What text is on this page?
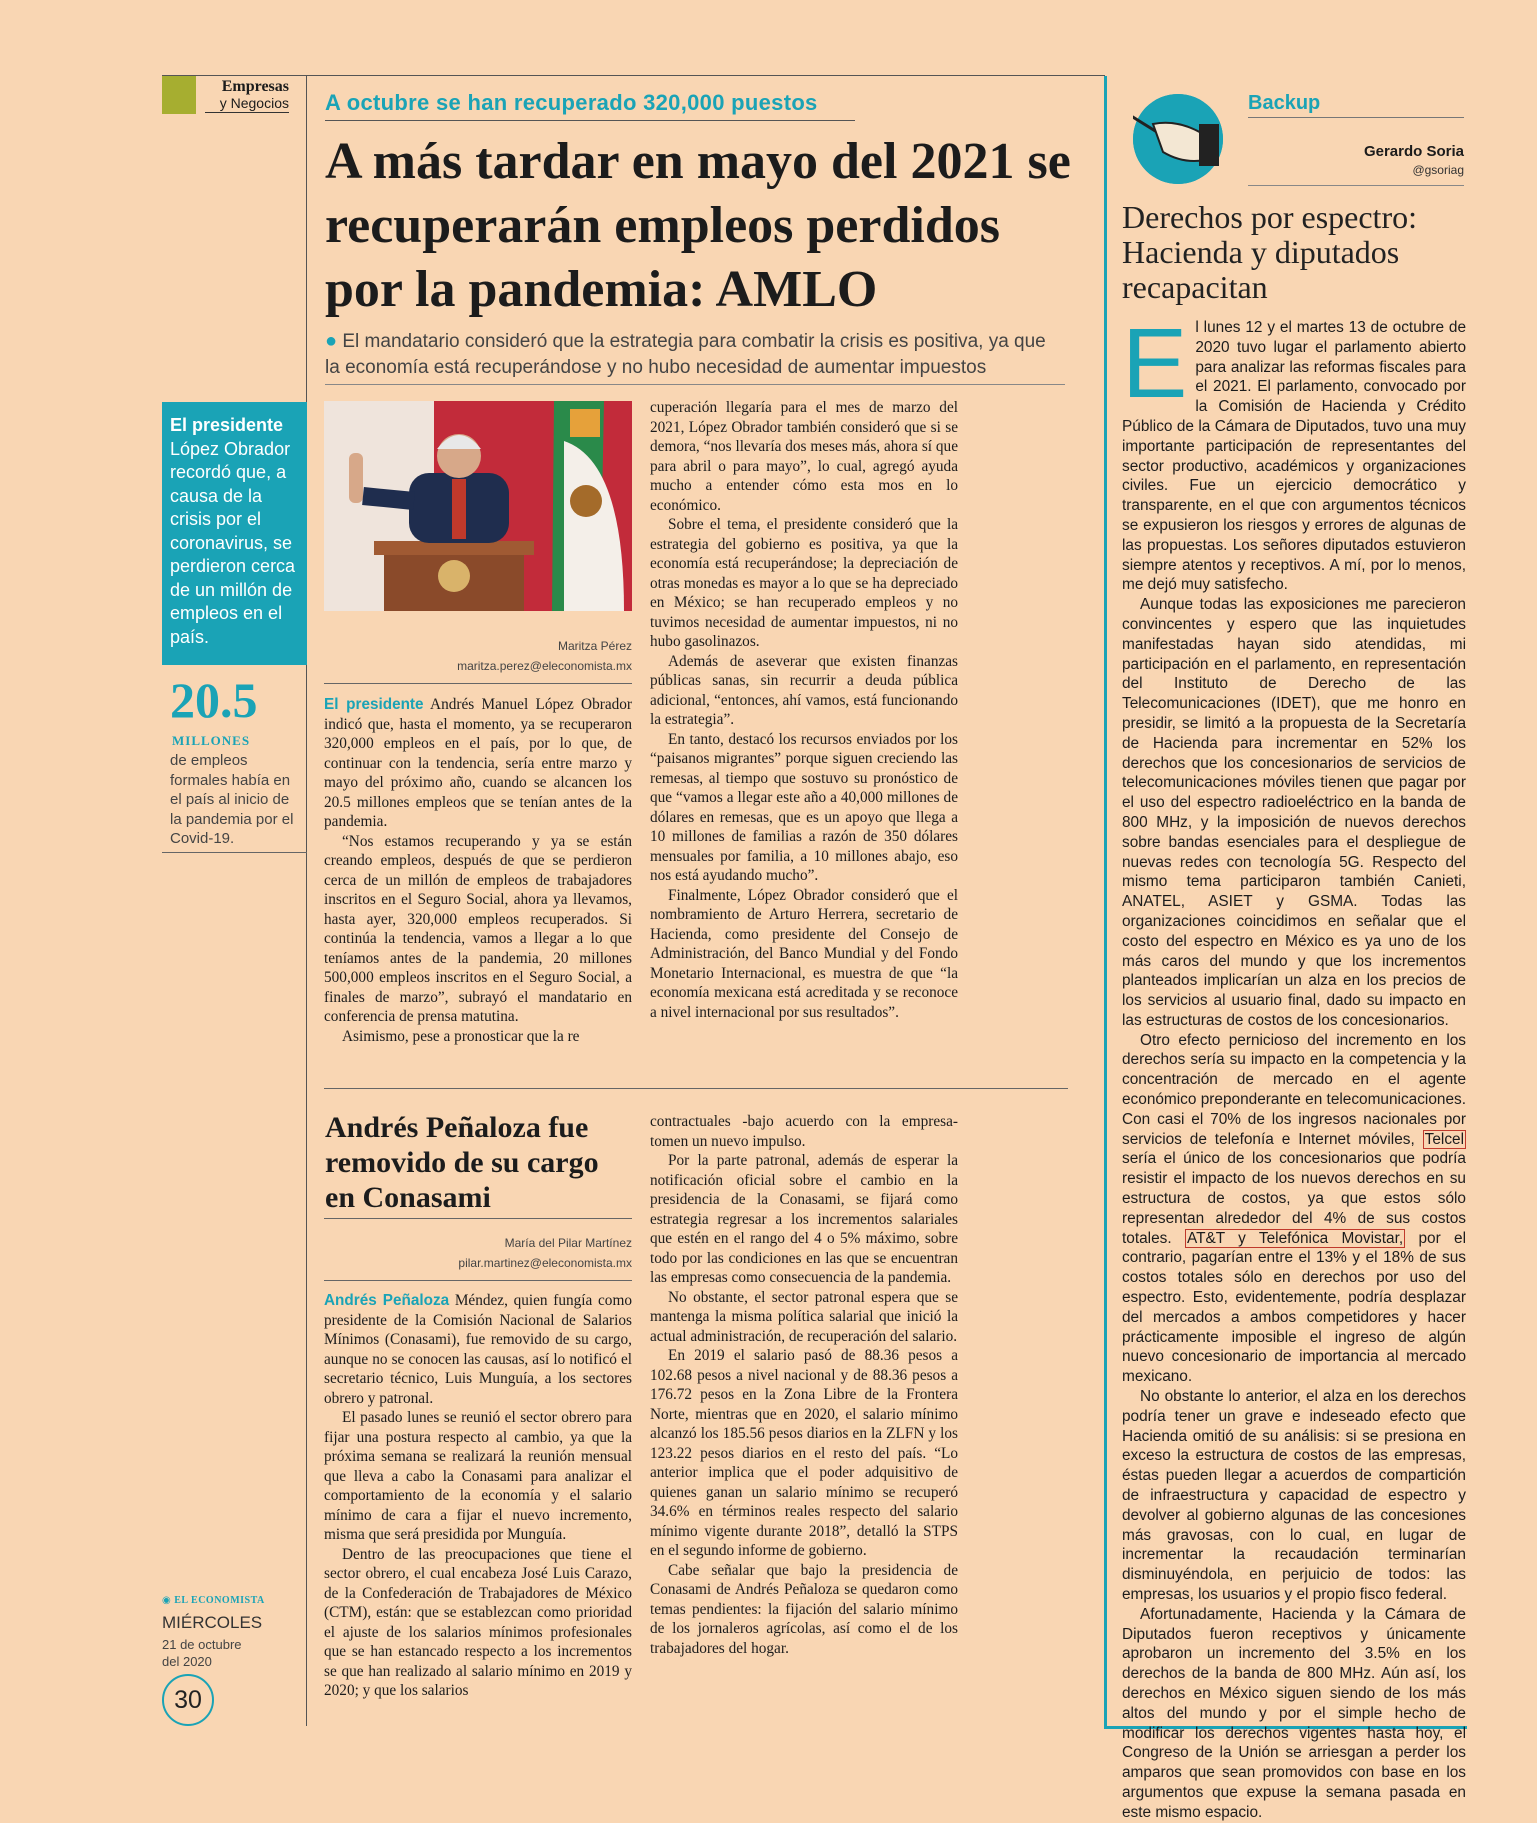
Empresas
y Negocios A octubre se han recuperado 320,000 puestos
A más tardar en mayo del 2021 se recuperarán empleos perdidos por la pandemia: AMLO
● El mandatario consideró que la estrategia para combatir la crisis es positiva, ya que la economía está recuperándose y no hubo necesidad de aumentar impuestos
Maritza Pérez
maritza.perez@eleconomista.mx

El presidente Andrés Manuel López Obrador indicó que, hasta el momento, ya se recuperaron 320,000 empleos en el país, por lo que, de continuar con la tendencia, sería entre marzo y mayo del próximo año, cuando se alcancen los 20.5 millones empleos que se tenían antes de la pandemia.

“Nos estamos recuperando y ya se están creando empleos, después de que se perdieron cerca de un millón de empleos de trabajadores inscritos en el Seguro Social, ahora ya llevamos, hasta ayer, 320,000 empleos recuperados. Si continúa la tendencia, vamos a llegar a lo que teníamos antes de la pandemia, 20 millones 500,000 empleos inscritos en el Seguro Social, a finales de marzo”, subrayó el mandatario en conferencia de prensa matutina.

Asimismo, pese a pronosticar que la re

cuperación llegaría para el mes de marzo del 2021, López Obrador también consideró que si se demora, “nos llevaría dos meses más, ahora sí que para abril o para mayo”, lo cual, agregó ayuda mucho a entender cómo esta mos en lo económico.

Sobre el tema, el presidente consideró que la estrategia del gobierno es positiva, ya que la economía está recuperándose; la depreciación de otras monedas es mayor a lo que se ha depreciado en México; se han recuperado empleos y no tuvimos necesidad de aumentar impuestos, ni no hubo gasolinazos.

Además de aseverar que existen finanzas públicas sanas, sin recurrir a deuda pública adicional, “entonces, ahí vamos, está funcionando la estrategia”.

En tanto, destacó los recursos enviados por los “paisanos migrantes” porque siguen creciendo las remesas, al tiempo que sostuvo su pronóstico de que “vamos a llegar este año a 40,000 millones de dólares en remesas, que es un apoyo que llega a 10 millones de familias a razón de 350 dólares mensuales por familia, a 10 millones abajo, eso nos está ayudando mucho”.

Finalmente, López Obrador consideró que el nombramiento de Arturo Herrera, secretario de Hacienda, como presidente del Consejo de Administración, del Banco Mundial y del Fondo Monetario Internacional, es muestra de que “la economía mexicana está acreditada y se reconoce a nivel internacional por sus resultados”.

El presidente
López Obrador recordó que, a causa de la crisis por el coronavirus, se perdieron cerca de un millón de empleos en el país.
20.5
MILLONES
de empleos formales había en el país al inicio de la pandemia por el Covid-19.
Andrés Peñaloza fue removido de su cargo en Conasami
María del Pilar Martínez
pilar.martinez@eleconomista.mx

Andrés Peñaloza Méndez, quien fungía como presidente de la Comisión Nacional de Salarios Mínimos (Conasami), fue removido de su cargo, aunque no se conocen las causas, así lo notificó el secretario técnico, Luis Munguía, a los sectores obrero y patronal.

El pasado lunes se reunió el sector obrero para fijar una postura respecto al cambio, ya que la próxima semana se realizará la reunión mensual que lleva a cabo la Conasami para analizar el comportamiento de la economía y el salario mínimo de cara a fijar el nuevo incremento, misma que será presidida por Munguía.

Dentro de las preocupaciones que tiene el sector obrero, el cual encabeza José Luis Carazo, de la Confederación de Trabajadores de México (CTM), están: que se establezcan como prioridad el ajuste de los salarios mínimos profesionales que se han estancado respecto a los incrementos se que han realizado al salario mínimo en 2019 y 2020; y que los salarios

contractuales -bajo acuerdo con la empresa- tomen un nuevo impulso.

Por la parte patronal, además de esperar la notificación oficial sobre el cambio en la presidencia de la Conasami, se fijará como estrategia regresar a los incrementos salariales que estén en el rango del 4 o 5% máximo, sobre todo por las condiciones en las que se encuentran las empresas como consecuencia de la pandemia.

No obstante, el sector patronal espera que se mantenga la misma política salarial que inició la actual administración, de recuperación del salario.

En 2019 el salario pasó de 88.36 pesos a 102.68 pesos a nivel nacional y de 88.36 pesos a 176.72 pesos en la Zona Libre de la Frontera Norte, mientras que en 2020, el salario mínimo alcanzó los 185.56 pesos diarios en la ZLFN y los 123.22 pesos diarios en el resto del país. “Lo anterior implica que el poder adquisitivo de quienes ganan un salario mínimo se recuperó 34.6% en términos reales respecto del salario mínimo vigente durante 2018”, detalló la STPS en el segundo informe de gobierno.

Cabe señalar que bajo la presidencia de Conasami de Andrés Peñaloza se quedaron como temas pendientes: la fijación del salario mínimo de los jornaleros agrícolas, así como el de los trabajadores del hogar.

◉ EL ECONOMISTA
MIÉRCOLES
21 de octubre
del 2020
30
Backup
Gerardo Soria
@gsoriag
Derechos por espectro: Hacienda y diputados recapacitan

El lunes 12 y el martes 13 de octubre de 2020 tuvo lugar el parlamento abierto para analizar las reformas fiscales para el 2021. El parlamento, convocado por la Comisión de Hacienda y Crédito Público de la Cámara de Diputados, tuvo una muy importante participación de representantes del sector productivo, académicos y organizaciones civiles. Fue un ejercicio democrático y transparente, en el que con argumentos técnicos se expusieron los riesgos y errores de algunas de las propuestas. Los señores diputados estuvieron siempre atentos y receptivos. A mí, por lo menos, me dejó muy satisfecho.

Aunque todas las exposiciones me parecieron convincentes y espero que las inquietudes manifestadas hayan sido atendidas, mi participación en el parlamento, en representación del Instituto de Derecho de las Telecomunicaciones (IDET), que me honro en presidir, se limitó a la propuesta de la Secretaría de Hacienda para incrementar en 52% los derechos que los concesionarios de servicios de telecomunicaciones móviles tienen que pagar por el uso del espectro radioeléctrico en la banda de 800 MHz, y la imposición de nuevos derechos sobre bandas esenciales para el despliegue de nuevas redes con tecnología 5G. Respecto del mismo tema participaron también Canieti, ANATEL, ASIET y GSMA. Todas las organizaciones coincidimos en señalar que el costo del espectro en México es ya uno de los más caros del mundo y que los incrementos planteados implicarían un alza en los precios de los servicios al usuario final, dado su impacto en las estructuras de costos de los concesionarios.

Otro efecto pernicioso del incremento en los derechos sería su impacto en la competencia y la concentración de mercado en el agente económico preponderante en telecomunicaciones. Con casi el 70% de los ingresos nacionales por servicios de telefonía e Internet móviles, Telcel sería el único de los concesionarios que podría resistir el impacto de los nuevos derechos en su estructura de costos, ya que estos sólo representan alrededor del 4% de sus costos totales. AT&T y Telefónica Movistar, por el contrario, pagarían entre el 13% y el 18% de sus costos totales sólo en derechos por uso del espectro. Esto, evidentemente, podría desplazar del mercados a ambos competidores y hacer prácticamente imposible el ingreso de algún nuevo concesionario de importancia al mercado mexicano.

No obstante lo anterior, el alza en los derechos podría tener un grave e indeseado efecto que Hacienda omitió de su análisis: si se presiona en exceso la estructura de costos de las empresas, éstas pueden llegar a acuerdos de compartición de infraestructura y capacidad de espectro y devolver al gobierno algunas de las concesiones más gravosas, con lo cual, en lugar de incrementar la recaudación terminarían disminuyéndola, en perjuicio de todos: las empresas, los usuarios y el propio fisco federal.

Afortunadamente, Hacienda y la Cámara de Diputados fueron receptivos y únicamente aprobaron un incremento del 3.5% en los derechos de la banda de 800 MHz. Aún así, los derechos en México siguen siendo de los más altos del mundo y por el simple hecho de modificar los derechos vigentes hasta hoy, el Congreso de la Unión se arriesgan a perder los amparos que sean promovidos con base en los argumentos que expuse la semana pasada en este mismo espacio.
